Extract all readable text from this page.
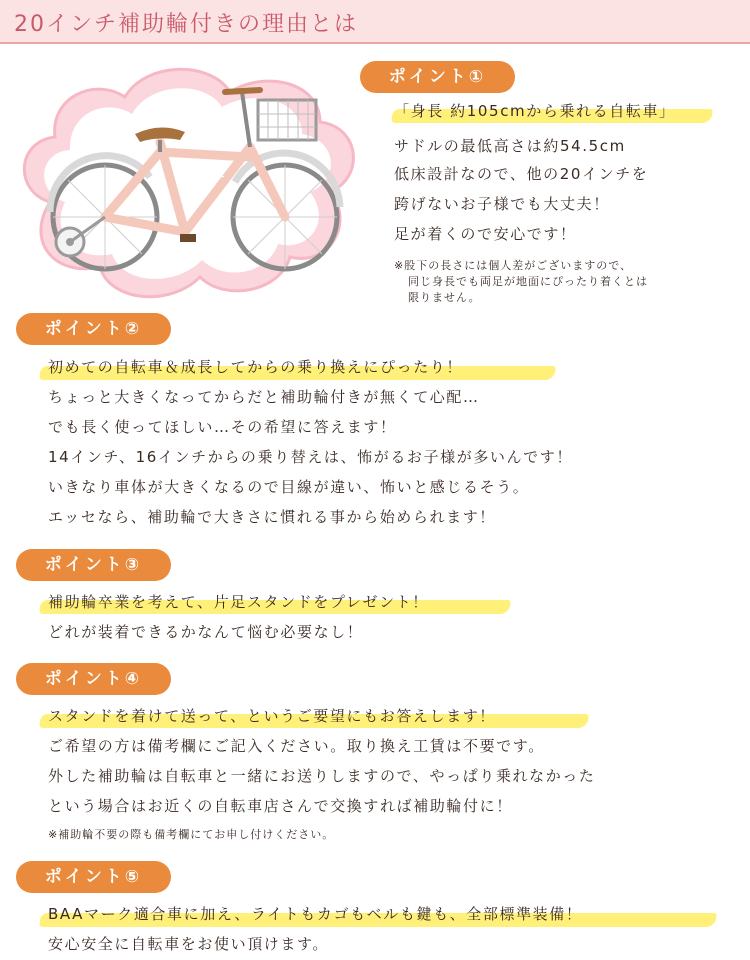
20インチ補助輪付きの理由とは
ESSE
ポイント①
「身長 約105cmから乗れる自転車」
サドルの最低高さは約54.5cm
低床設計なので、他の20インチを
跨げないお子様でも大丈夫！
足が着くので安心です！
※股下の長さには個人差がございますので、
同じ身長でも両足が地面にぴったり着くとは
限りません。
ポイント②
初めての自転車＆成長してからの乗り換えにぴったり！
ちょっと大きくなってからだと補助輪付きが無くて心配…
でも長く使ってほしい…その希望に答えます！
14インチ、16インチからの乗り替えは、怖がるお子様が多いんです！
いきなり車体が大きくなるので目線が違い、怖いと感じるそう。
エッセなら、補助輪で大きさに慣れる事から始められます！
ポイント③
補助輪卒業を考えて、片足スタンドをプレゼント！
どれが装着できるかなんて悩む必要なし！
ポイント④
スタンドを着けて送って、というご要望にもお答えします！
ご希望の方は備考欄にご記入ください。取り換え工賃は不要です。
外した補助輪は自転車と一緒にお送りしますので、やっぱり乗れなかった
という場合はお近くの自転車店さんで交換すれば補助輪付に！
※補助輪不要の際も備考欄にてお申し付けください。
ポイント⑤
BAAマーク適合車に加え、ライトもカゴもベルも鍵も、全部標準装備！
安心安全に自転車をお使い頂けます。
